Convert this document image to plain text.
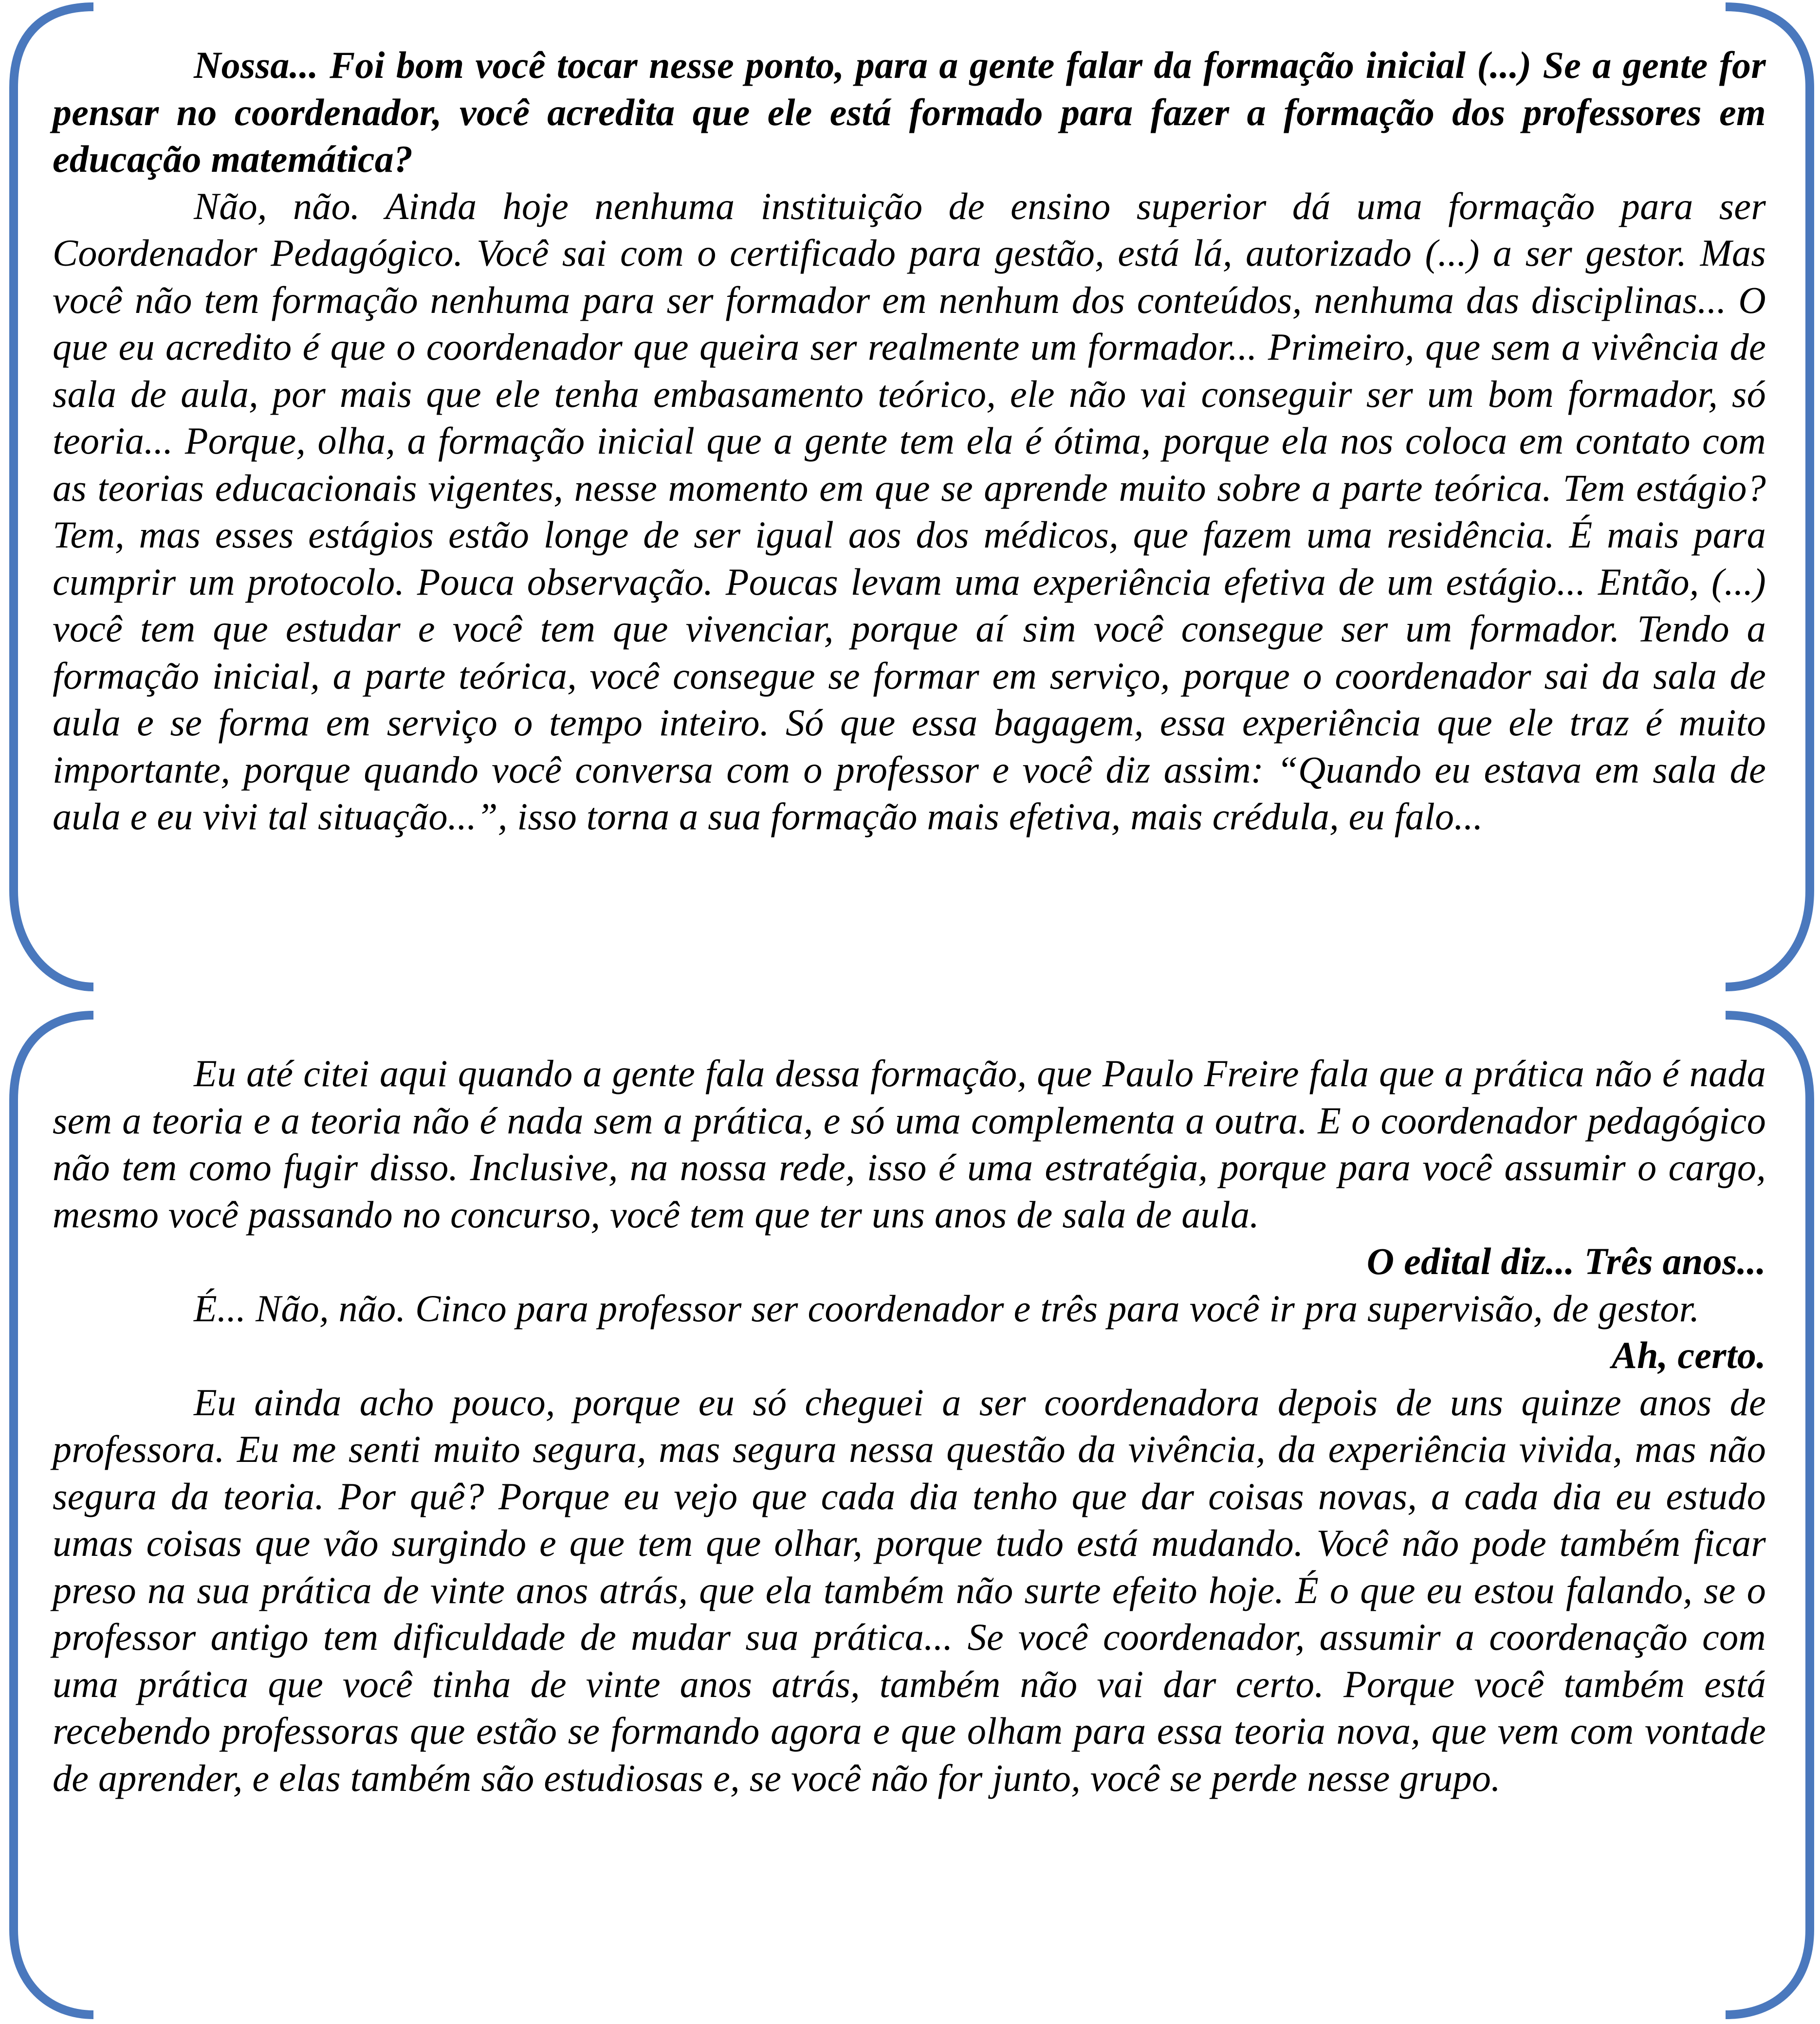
Nossa... Foi bom você tocar nesse ponto, para a gente falar da formação inicial (...) Se a gente for pensar no coordenador, você acredita que ele está formado para fazer a formação dos professores em educação matemática?

Não, não. Ainda hoje nenhuma instituição de ensino superior dá uma formação para ser Coordenador Pedagógico. Você sai com o certificado para gestão, está lá, autorizado (...) a ser gestor. Mas você não tem formação nenhuma para ser formador em nenhum dos conteúdos, nenhuma das disciplinas... O que eu acredito é que o coordenador que queira ser realmente um formador... Primeiro, que sem a vivência de sala de aula, por mais que ele tenha embasamento teórico, ele não vai conseguir ser um bom formador, só teoria... Porque, olha, a formação inicial que a gente tem ela é ótima, porque ela nos coloca em contato com as teorias educacionais vigentes, nesse momento em que se aprende muito sobre a parte teórica. Tem estágio? Tem, mas esses estágios estão longe de ser igual aos dos médicos, que fazem uma residência. É mais para cumprir um protocolo. Pouca observação. Poucas levam uma experiência efetiva de um estágio... Então, (...) você tem que estudar e você tem que vivenciar, porque aí sim você consegue ser um formador. Tendo a formação inicial, a parte teórica, você consegue se formar em serviço, porque o coordenador sai da sala de aula e se forma em serviço o tempo inteiro. Só que essa bagagem, essa experiência que ele traz é muito importante, porque quando você conversa com o professor e você diz assim: “Quando eu estava em sala de aula e eu vivi tal situação...”, isso torna a sua formação mais efetiva, mais crédula, eu falo...

Eu até citei aqui quando a gente fala dessa formação, que Paulo Freire fala que a prática não é nada sem a teoria e a teoria não é nada sem a prática, e só uma complementa a outra. E o coordenador pedagógico não tem como fugir disso. Inclusive, na nossa rede, isso é uma estratégia, porque para você assumir o cargo, mesmo você passando no concurso, você tem que ter uns anos de sala de aula.

O edital diz... Três anos...

É... Não, não. Cinco para professor ser coordenador e três para você ir pra supervisão, de gestor.

Ah, certo.

Eu ainda acho pouco, porque eu só cheguei a ser coordenadora depois de uns quinze anos de professora. Eu me senti muito segura, mas segura nessa questão da vivência, da experiência vivida, mas não segura da teoria. Por quê? Porque eu vejo que cada dia tenho que dar coisas novas, a cada dia eu estudo umas coisas que vão surgindo e que tem que olhar, porque tudo está mudando. Você não pode também ficar preso na sua prática de vinte anos atrás, que ela também não surte efeito hoje. É o que eu estou falando, se o professor antigo tem dificuldade de mudar sua prática... Se você coordenador, assumir a coordenação com uma prática que você tinha de vinte anos atrás, também não vai dar certo. Porque você também está recebendo professoras que estão se formando agora e que olham para essa teoria nova, que vem com vontade de aprender, e elas também são estudiosas e, se você não for junto, você se perde nesse grupo.
